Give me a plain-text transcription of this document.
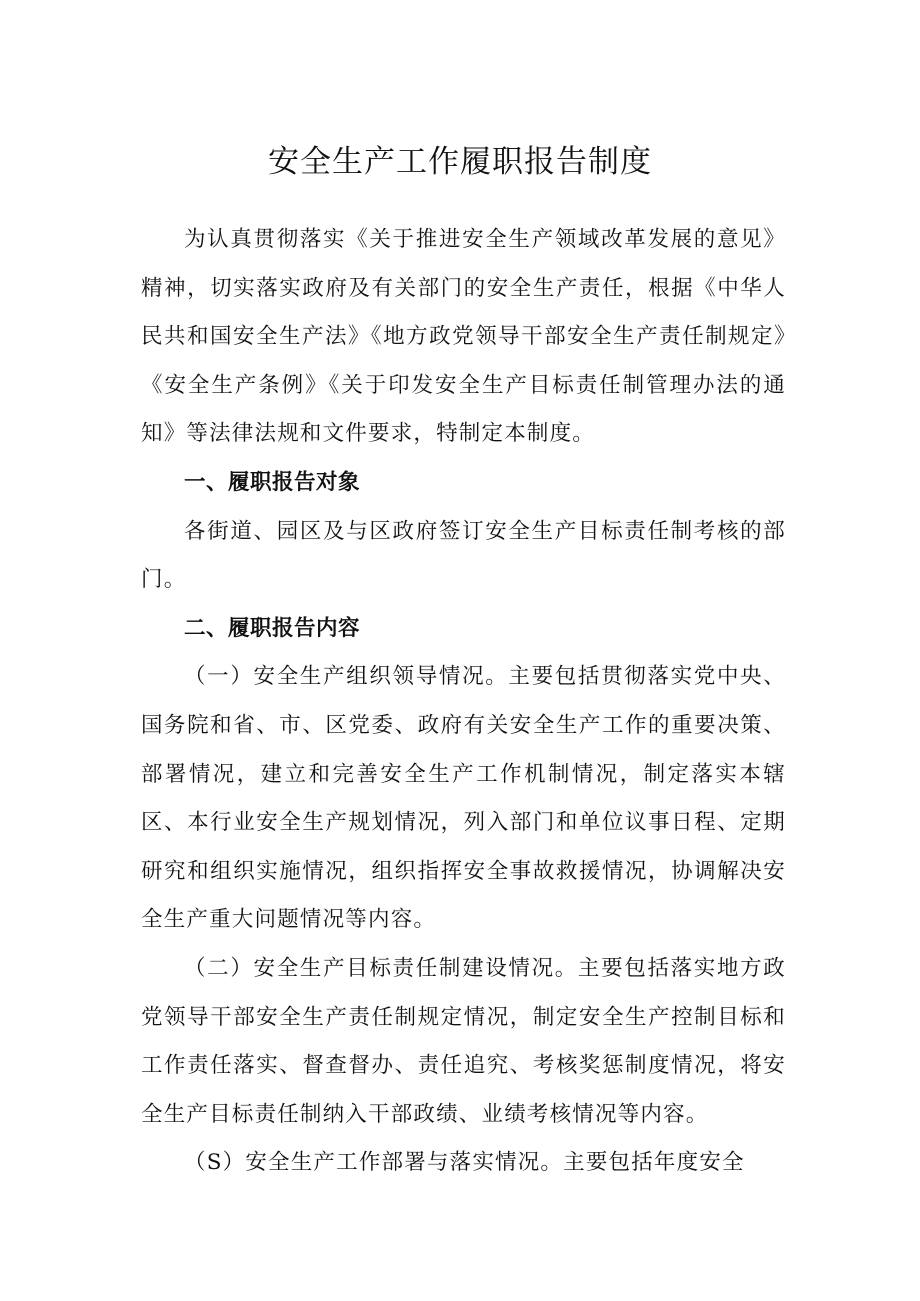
安全生产工作履职报告制度

为认真贯彻落实《关于推进安全生产领域改革发展的意见》精神，切实落实政府及有关部门的安全生产责任，根据《中华人民共和国安全生产法》《地方政党领导干部安全生产责任制规定》《安全生产条例》《关于印发安全生产目标责任制管理办法的通知》等法律法规和文件要求，特制定本制度。

一、履职报告对象

各街道、园区及与区政府签订安全生产目标责任制考核的部门。

二、履职报告内容

（一）安全生产组织领导情况。主要包括贯彻落实党中央、国务院和省、市、区党委、政府有关安全生产工作的重要决策、部署情况，建立和完善安全生产工作机制情况，制定落实本辖区、本行业安全生产规划情况，列入部门和单位议事日程、定期研究和组织实施情况，组织指挥安全事故救援情况，协调解决安全生产重大问题情况等内容。

（二）安全生产目标责任制建设情况。主要包括落实地方政党领导干部安全生产责任制规定情况，制定安全生产控制目标和工作责任落实、督查督办、责任追究、考核奖惩制度情况，将安全生产目标责任制纳入干部政绩、业绩考核情况等内容。

（S）安全生产工作部署与落实情况。主要包括年度安全
